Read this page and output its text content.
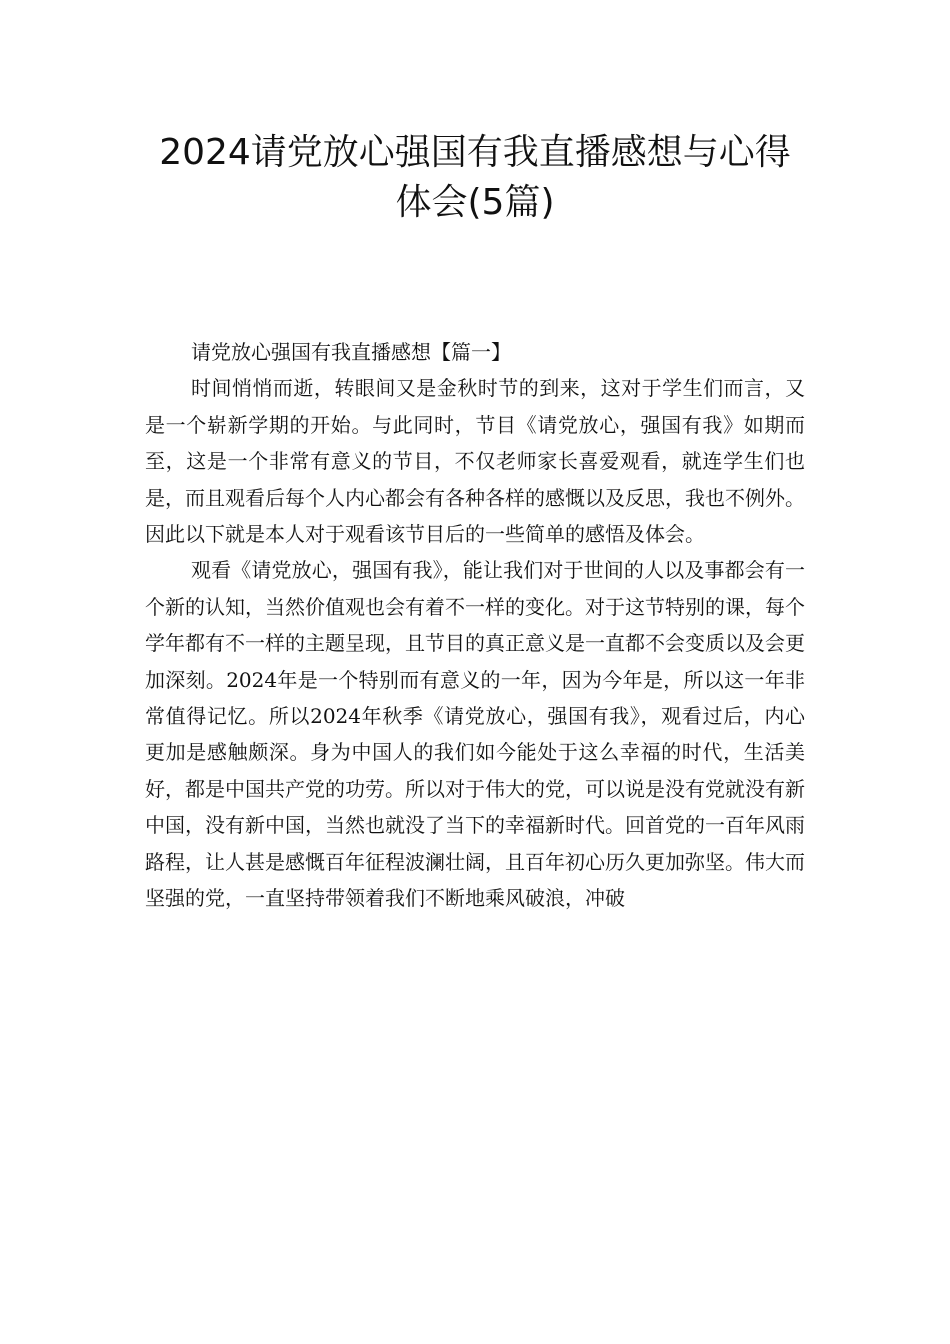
2024请党放心强国有我直播感想与心得
体会(5篇)

请党放心强国有我直播感想【篇一】

时间悄悄而逝，转眼间又是金秋时节的到来，这对于学生们而言，又是一个崭新学期的开始。与此同时，节目《请党放心，强国有我》如期而至，这是一个非常有意义的节目，不仅老师家长喜爱观看，就连学生们也是，而且观看后每个人内心都会有各种各样的感慨以及反思，我也不例外。因此以下就是本人对于观看该节目后的一些简单的感悟及体会。

观看《请党放心，强国有我》，能让我们对于世间的人以及事都会有一个新的认知，当然价值观也会有着不一样的变化。对于这节特别的课，每个学年都有不一样的主题呈现，且节目的真正意义是一直都不会变质以及会更加深刻。2024年是一个特别而有意义的一年，因为今年是，所以这一年非常值得记忆。所以2024年秋季《请党放心，强国有我》，观看过后，内心更加是感触颇深。身为中国人的我们如今能处于这么幸福的时代，生活美好，都是中国共产党的功劳。所以对于伟大的党，可以说是没有党就没有新中国，没有新中国，当然也就没了当下的幸福新时代。回首党的一百年风雨路程，让人甚是感慨百年征程波澜壮阔，且百年初心历久更加弥坚。伟大而坚强的党，一直坚持带领着我们不断地乘风破浪，冲破
